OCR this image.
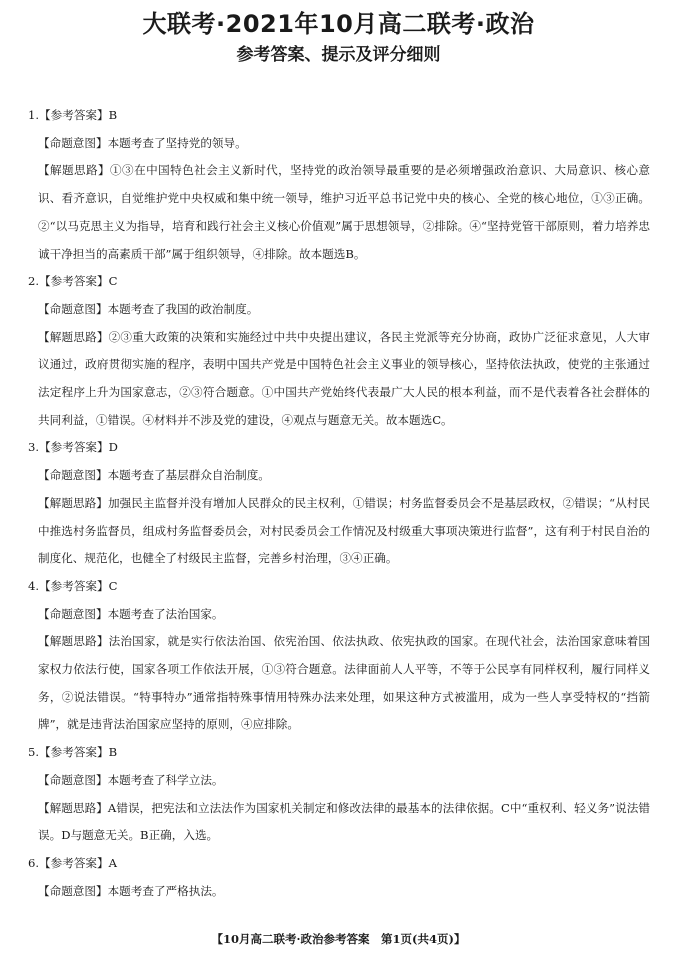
大联考·2021年10月高二联考·政治
参考答案、提示及评分细则

1.【参考答案】B

【命题意图】本题考查了坚持党的领导。

【解题思路】①③在中国特色社会主义新时代，坚持党的政治领导最重要的是必须增强政治意识、大局意识、核心意识、看齐意识，自觉维护党中央权威和集中统一领导，维护习近平总书记党中央的核心、全党的核心地位，①③正确。②“以马克思主义为指导，培育和践行社会主义核心价值观”属于思想领导，②排除。④“坚持党管干部原则，着力培养忠诚干净担当的高素质干部”属于组织领导，④排除。故本题选B。

2.【参考答案】C

【命题意图】本题考查了我国的政治制度。

【解题思路】②③重大政策的决策和实施经过中共中央提出建议，各民主党派等充分协商，政协广泛征求意见，人大审议通过，政府贯彻实施的程序，表明中国共产党是中国特色社会主义事业的领导核心，坚持依法执政，使党的主张通过法定程序上升为国家意志，②③符合题意。①中国共产党始终代表最广大人民的根本利益，而不是代表着各社会群体的共同利益，①错误。④材料并不涉及党的建设，④观点与题意无关。故本题选C。

3.【参考答案】D

【命题意图】本题考查了基层群众自治制度。

【解题思路】加强民主监督并没有增加人民群众的民主权利，①错误；村务监督委员会不是基层政权，②错误；“从村民中推选村务监督员，组成村务监督委员会，对村民委员会工作情况及村级重大事项决策进行监督”，这有利于村民自治的制度化、规范化，也健全了村级民主监督，完善乡村治理，③④正确。

4.【参考答案】C

【命题意图】本题考查了法治国家。

【解题思路】法治国家，就是实行依法治国、依宪治国、依法执政、依宪执政的国家。在现代社会，法治国家意味着国家权力依法行使，国家各项工作依法开展，①③符合题意。法律面前人人平等，不等于公民享有同样权利，履行同样义务，②说法错误。“特事特办”通常指特殊事情用特殊办法来处理，如果这种方式被滥用，成为一些人享受特权的“挡箭牌”，就是违背法治国家应坚持的原则，④应排除。

5.【参考答案】B

【命题意图】本题考查了科学立法。

【解题思路】A错误，把宪法和立法法作为国家机关制定和修改法律的最基本的法律依据。C中“重权利、轻义务”说法错误。D与题意无关。B正确，入选。

6.【参考答案】A

【命题意图】本题考查了严格执法。

【10月高二联考·政治参考答案　第1页(共4页)】
